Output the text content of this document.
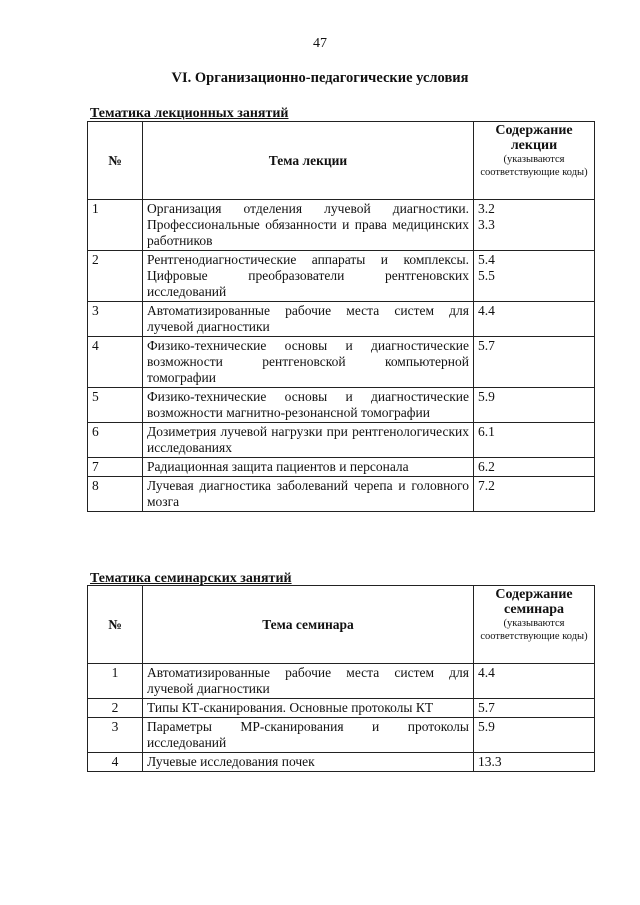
47
VI. Организационно-педагогические условия
Тематика лекционных занятий
№	Тема лекции	Содержание лекции
(указываются соответствующие коды)

1	Организация отделения лучевой диагностики. Профессиональные обязанности и права медицинских работников	3.2
3.3
2	Рентгенодиагностические аппараты и комплексы. Цифровые преобразователи рентгеновских исследований	5.4
5.5
3	Автоматизированные рабочие места систем для лучевой диагностики	4.4
4	Физико-технические основы и диагностические возможности рентгеновской компьютерной томографии	5.7
5	Физико-технические основы и диагностические возможности магнитно-резонансной томографии	5.9
6	Дозиметрия лучевой нагрузки при рентгенологических исследованиях	6.1
7	Радиационная защита пациентов и персонала	6.2
8	Лучевая диагностика заболеваний черепа и головного мозга	7.2
Тематика семинарских занятий
№	Тема семинара	Содержание семинара
(указываются соответствующие коды)

1	Автоматизированные рабочие места систем для лучевой диагностики	4.4
2	Типы КТ-сканирования. Основные протоколы КТ	5.7
3	Параметры МР-сканирования и протоколы исследований	5.9
4	Лучевые исследования почек	13.3
